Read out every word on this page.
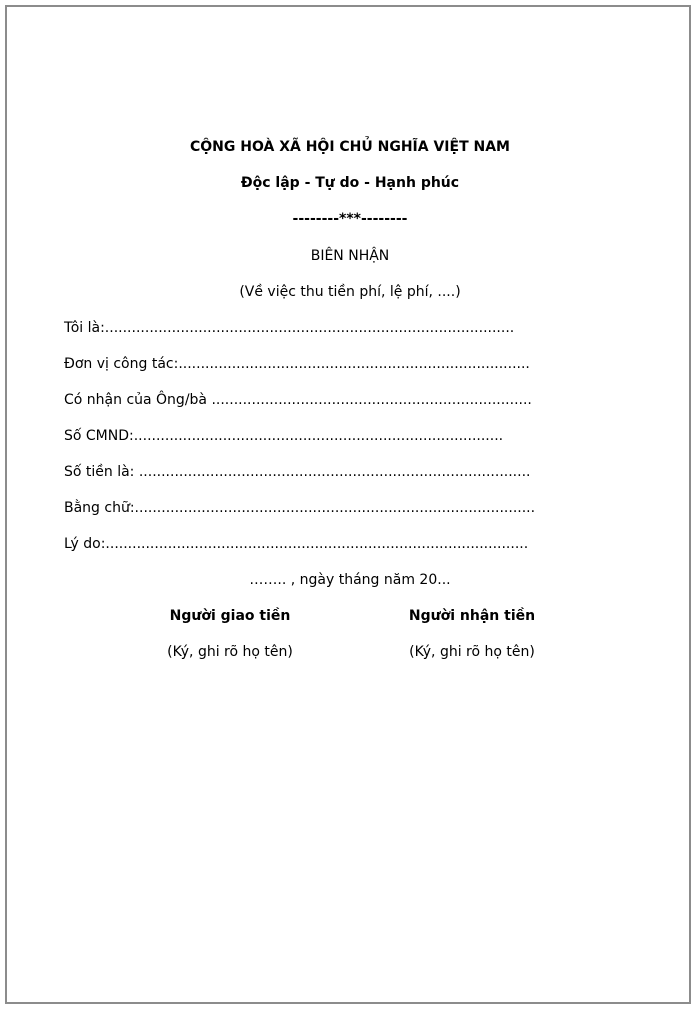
CỘNG HOÀ XÃ HỘI CHỦ NGHĨA VIỆT NAM
Độc lập - Tự do - Hạnh phúc
--------***--------
BIÊN NHẬN
(Về việc thu tiền phí, lệ phí, ....)
Tôi là:............................................................................................
Đơn vị công tác:...............................................................................
Có nhận của Ông/bà ........................................................................
Số CMND:...................................................................................
Số tiền là: ........................................................................................
Bằng chữ:..........................................................................................
Lý do:...............................................................................................
…….. , ngày tháng năm 20...
Người giao tiền
(Ký, ghi rõ họ tên)
Người nhận tiền
(Ký, ghi rõ họ tên)
